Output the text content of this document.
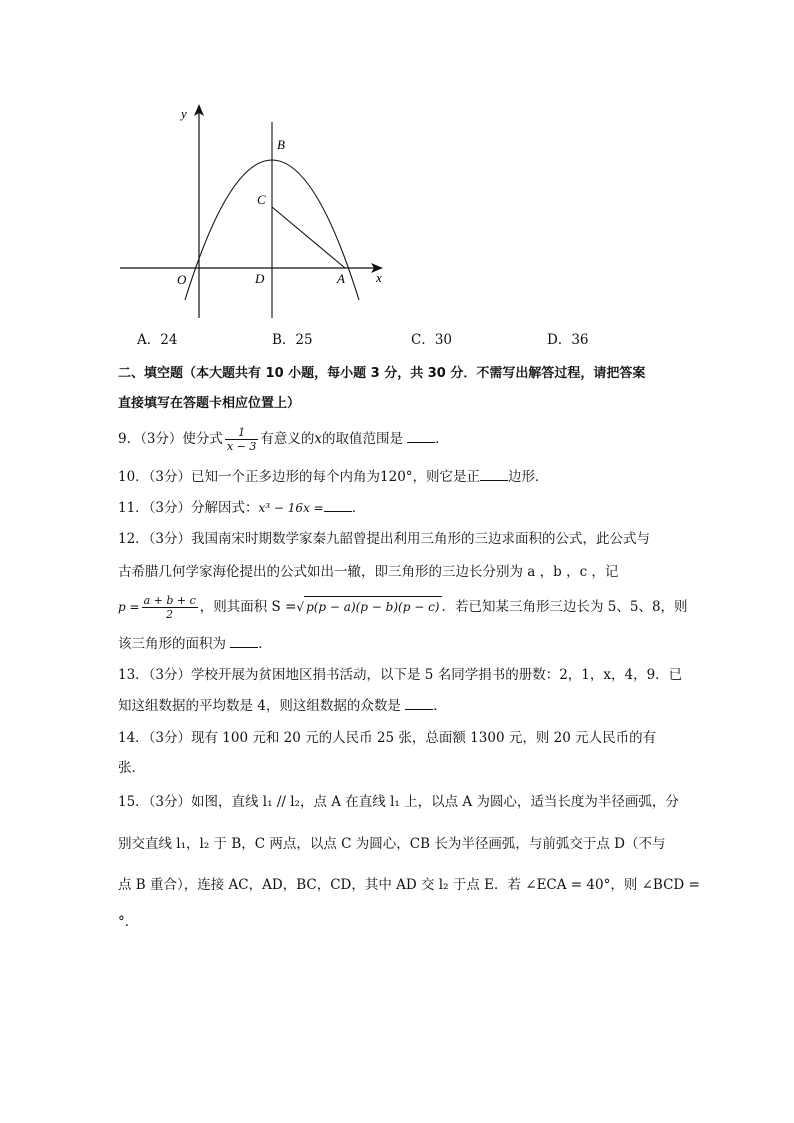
y
x
O	D	A
B
C
A．24	B．25	C．30	D．36
二、填空题（本大题共有 10 小题，每小题 3 分，共 30 分．不需写出解答过程，请把答案
直接填写在答题卡相应位置上）
9．（3分）使分式 $\frac{1}{x - 3}$ 有意义的x的取值范围是 ．
10．（3分）已知一个正多边形的每个内角为120°，则它是正 边形．
11．（3分）分解因式：x³ − 16x = ．
12．（3分）我国南宋时期数学家秦九韶曾提出利用三角形的三边求面积的公式，此公式与
古希腊几何学家海伦提出的公式如出一辙，即三角形的三边长分别为 a ，b ，c ，记
$p = \frac{a + b + c}{2}$ ，则其面积 S =√ p(p − a)(p − b)(p − c) ．若已知某三角形三边长为 5、5、8，则
该三角形的面积为 ．
13．（3分）学校开展为贫困地区捐书活动，以下是 5 名同学捐书的册数：2，1，x，4，9．已
知这组数据的平均数是 4，则这组数据的众数是 ．
14．（3分）现有 100 元和 20 元的人民币 25 张，总面额 1300 元，则 20 元人民币的有
张．
15．（3分）如图，直线 l₁ // l₂，点 A 在直线 l₁ 上，以点 A 为圆心，适当长度为半径画弧，分
别交直线 l₁，l₂ 于 B，C 两点，以点 C 为圆心，CB 长为半径画弧，与前弧交于点 D（不与
点 B 重合），连接 AC，AD，BC，CD，其中 AD 交 l₂ 于点 E．若 ∠ECA = 40°，则 ∠BCD =
°．
